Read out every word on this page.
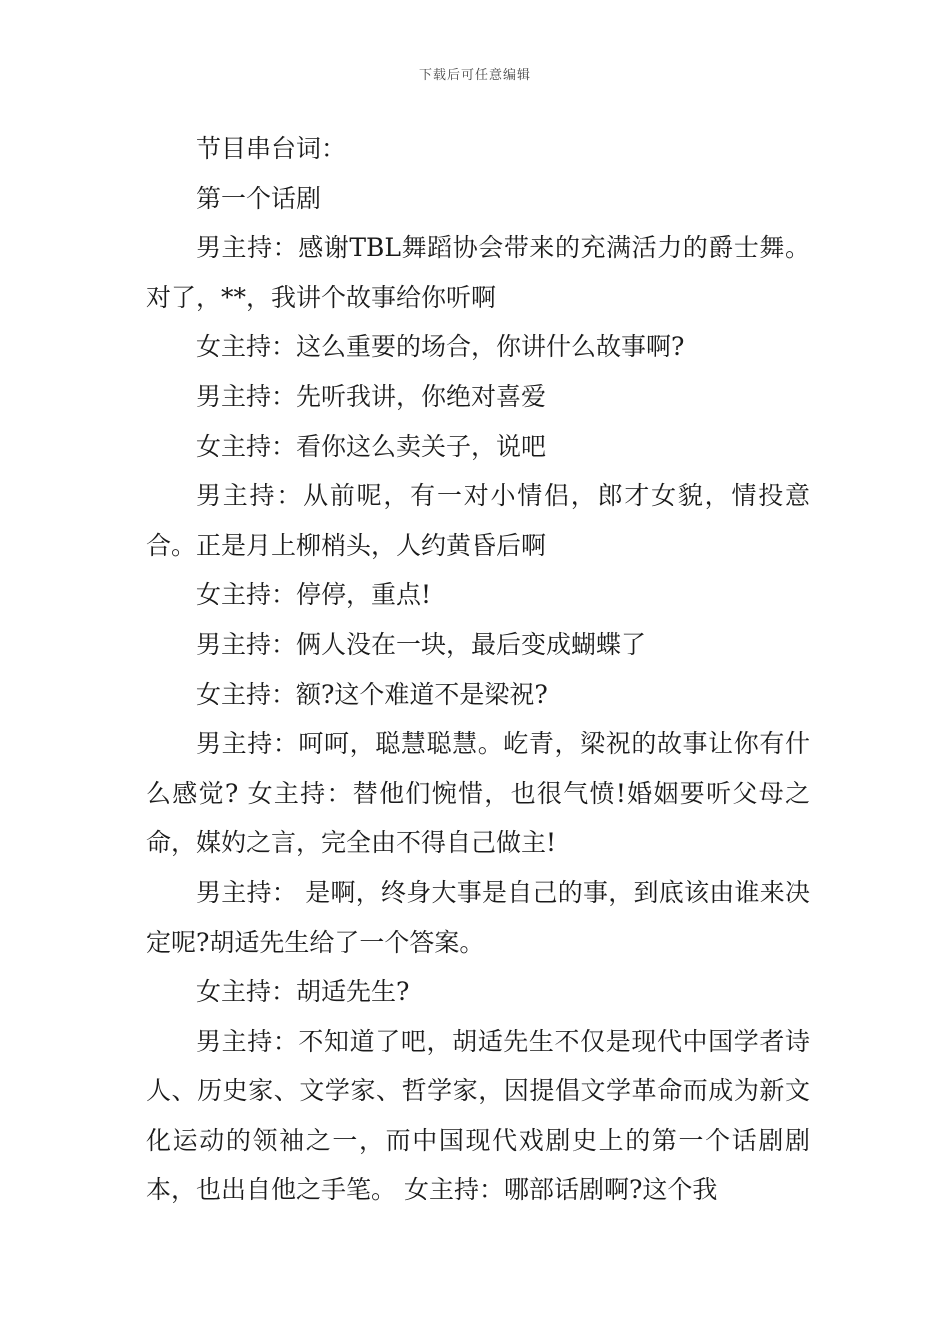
下载后可任意编辑

节目串台词：

第一个话剧

男主持：感谢TBL舞蹈协会带来的充满活力的爵士舞。对了，**，我讲个故事给你听啊

女主持：这么重要的场合，你讲什么故事啊?

男主持：先听我讲，你绝对喜爱

女主持：看你这么卖关子，说吧

男主持：从前呢，有一对小情侣，郎才女貌，情投意合。正是月上柳梢头，人约黄昏后啊

女主持：停停，重点!

男主持：俩人没在一块，最后变成蝴蝶了

女主持：额?这个难道不是梁祝?

男主持：呵呵，聪慧聪慧。屹青，梁祝的故事让你有什么感觉? 女主持：替他们惋惜，也很气愤!婚姻要听父母之命，媒妁之言，完全由不得自己做主!

男主持： 是啊，终身大事是自己的事，到底该由谁来决定呢?胡适先生给了一个答案。

女主持：胡适先生?

男主持：不知道了吧，胡适先生不仅是现代中国学者诗人、历史家、文学家、哲学家，因提倡文学革命而成为新文化运动的领袖之一，而中国现代戏剧史上的第一个话剧剧本，也出自他之手笔。 女主持：哪部话剧啊?这个我
